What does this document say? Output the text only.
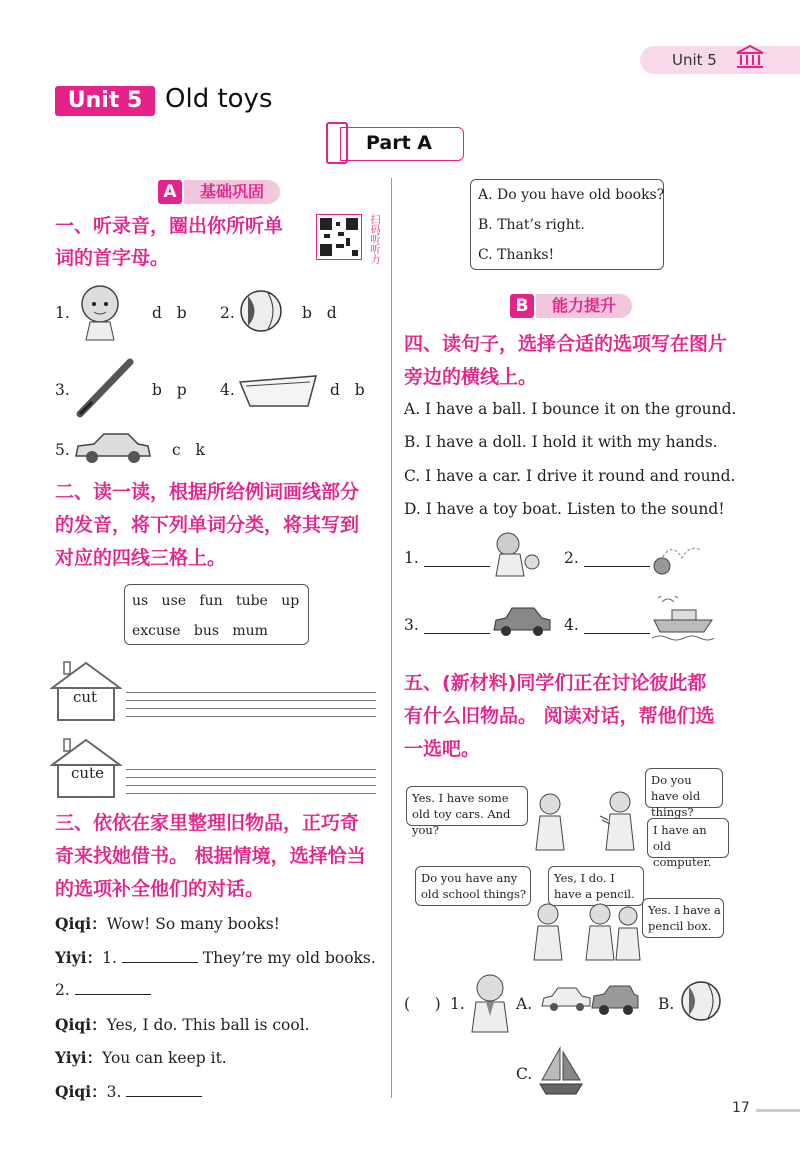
Unit 5
Unit 5 Old toys
Part A
A	基础巩固
一、听录音，圈出你所听单
词的首字母。	扫码听听力
1.	d   b 2.	b   d
3.	b   p 4.	d   b
5.	c   k
二、读一读，根据所给例词画线部分
的发音，将下列单词分类，将其写到
对应的四线三格上。
us   use   fun   tube   up
excuse   bus   mum
cut
cute
三、依依在家里整理旧物品，正巧奇
奇来找她借书。 根据情境，选择恰当
的选项补全他们的对话。
Qiqi：Wow! So many books!
Yiyi：1.	They’re my old books.
2.
Qiqi：Yes, I do. This ball is cool.
Yiyi：You can keep it.
Qiqi：3.
A. Do you have old books?
B. That’s right.
C. Thanks!
B	能力提升
四、读句子，选择合适的选项写在图片
旁边的横线上。
A. I have a ball. I bounce it on the ground.
B. I have a doll. I hold it with my hands.
C. I have a car. I drive it round and round.
D. I have a toy boat. Listen to the sound!
1.	2.
3.	4.
五、(新材料)同学们正在讨论彼此都
有什么旧物品。 阅读对话，帮他们选
一选吧。
Yes. I have some old toy cars. And you?
Do you have old things?
I have an old computer.
Do you have any old school things?
Yes, I do. I have a pencil.
Yes. I have a pencil box.
(     ) 1.	A.	B.
C.
17
